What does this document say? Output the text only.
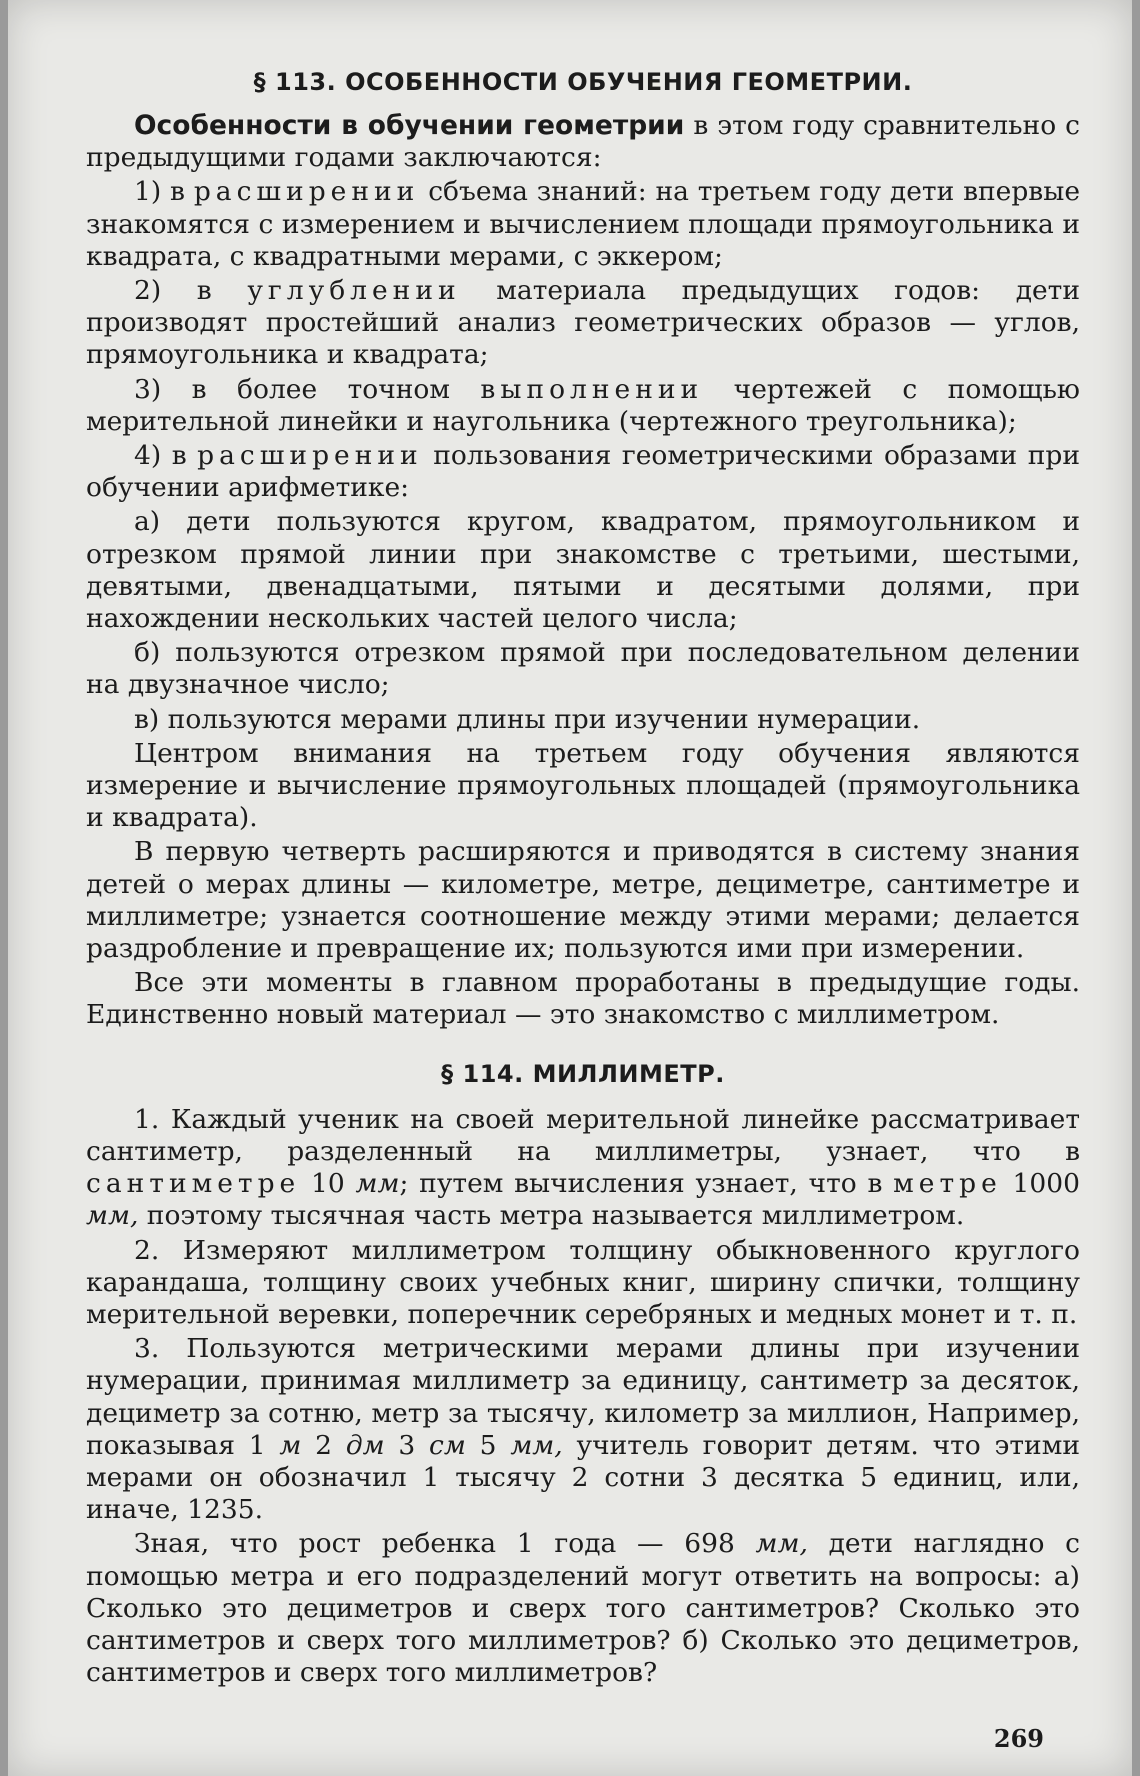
§ 113. ОСОБЕННОСТИ ОБУЧЕНИЯ ГЕОМЕТРИИ.

Особенности в обучении геометрии в этом году сравнительно с предыдущими годами заключаются:

1) в расширении сбъема знаний: на третьем году дети впервые знакомятся с измерением и вычислением площади прямоугольника и квадрата, с квадратными мерами, с эккером;

2) в углублении материала предыдущих годов: дети производят простейший анализ геометрических образов — углов, прямоугольника и квадрата;

3) в более точном выполнении чертежей с помощью мерительной линейки и наугольника (чертежного треугольника);

4) в расширении пользования геометрическими образами при обучении арифметике:

а) дети пользуются кругом, квадратом, прямоугольником и отрезком прямой линии при знакомстве с третьими, шестыми, девятыми, двенадцатыми, пятыми и десятыми долями, при нахождении нескольких частей целого числа;

б) пользуются отрезком прямой при последовательном делении на двузначное число;

в) пользуются мерами длины при изучении нумерации.

Центром внимания на третьем году обучения являются измерение и вычисление прямоугольных площадей (прямоугольника и квадрата).

В первую четверть расширяются и приводятся в систему знания детей о мерах длины — километре, метре, дециметре, сантиметре и миллиметре; узнается соотношение между этими мерами; делается раздробление и превращение их; пользуются ими при измерении.

Все эти моменты в главном проработаны в предыдущие годы. Единственно новый материал — это знакомство с миллиметром.

§ 114. МИЛЛИМЕТР.

1. Каждый ученик на своей мерительной линейке рассматривает сантиметр, разделенный на миллиметры, узнает, что в сантиметре 10 мм; путем вычисления узнает, что в метре 1000 мм, поэтому тысячная часть метра называется миллиметром.

2. Измеряют миллиметром толщину обыкновенного круглого карандаша, толщину своих учебных книг, ширину спички, толщину мерительной веревки, поперечник серебряных и медных монет и т. п.

3. Пользуются метрическими мерами длины при изучении нумерации, принимая миллиметр за единицу, сантиметр за десяток, дециметр за сотню, метр за тысячу, километр за миллион, Например, показывая 1 м 2 дм 3 см 5 мм, учитель говорит детям. что этими мерами он обозначил 1 тысячу 2 сотни 3 десятка 5 единиц, или, иначе, 1235.

Зная, что рост ребенка 1 года — 698 мм, дети наглядно с помощью метра и его подразделений могут ответить на вопросы: а) Сколько это дециметров и сверх того сантиметров? Сколько это сантиметров и сверх того миллиметров? б) Сколько это дециметров, сантиметров и сверх того миллиметров?

269
